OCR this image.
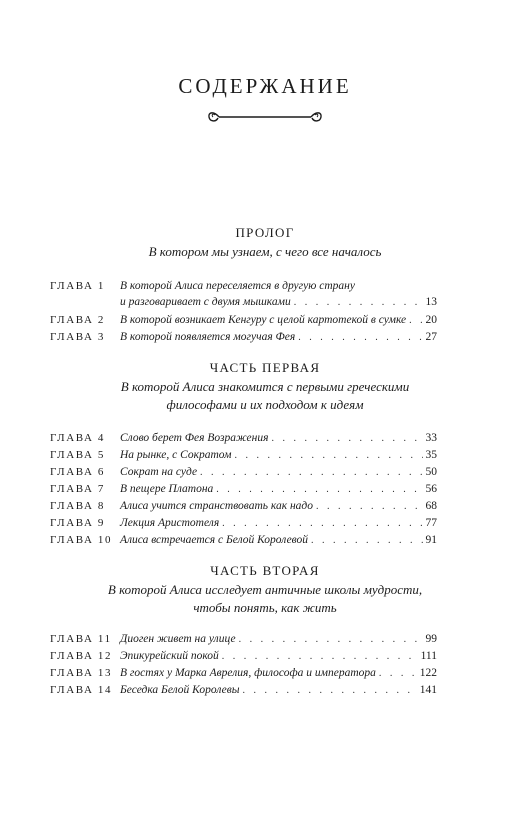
СОДЕРЖАНИЕ
ПРОЛОГ
В котором мы узнаем, с чего все началось
ГЛАВА 1	В которой Алиса переселяется в другую страну
и разговаривает с двумя мышками . . .	13
ГЛАВА 2	В которой возникает Кенгуру с целой картотекой в сумке . . . 20
ГЛАВА 3	В которой появляется могучая Фея . . .	27
ЧАСТЬ ПЕРВАЯ
В которой Алиса знакомится с первыми греческими философами и их подходом к идеям
ГЛАВА 4	Слово берет Фея Возражения . . .	33
ГЛАВА 5	На рынке, с Сократом . . .	35
ГЛАВА 6	Сократ на суде . . .	50
ГЛАВА 7	В пещере Платона . . .	56
ГЛАВА 8	Алиса учится странствовать как надо . . .	68
ГЛАВА 9	Лекция Аристотеля . . .	77
ГЛАВА 10 Алиса встречается с Белой Королевой . . .	91
ЧАСТЬ ВТОРАЯ
В которой Алиса исследует античные школы мудрости, чтобы понять, как жить
ГЛАВА 11 Диоген живет на улице . . .	99
ГЛАВА 12 Эпикурейский покой . . .	111
ГЛАВА 13 В гостях у Марка Аврелия, философа и императора . . .	122
ГЛАВА 14 Беседка Белой Королевы . . .	141
